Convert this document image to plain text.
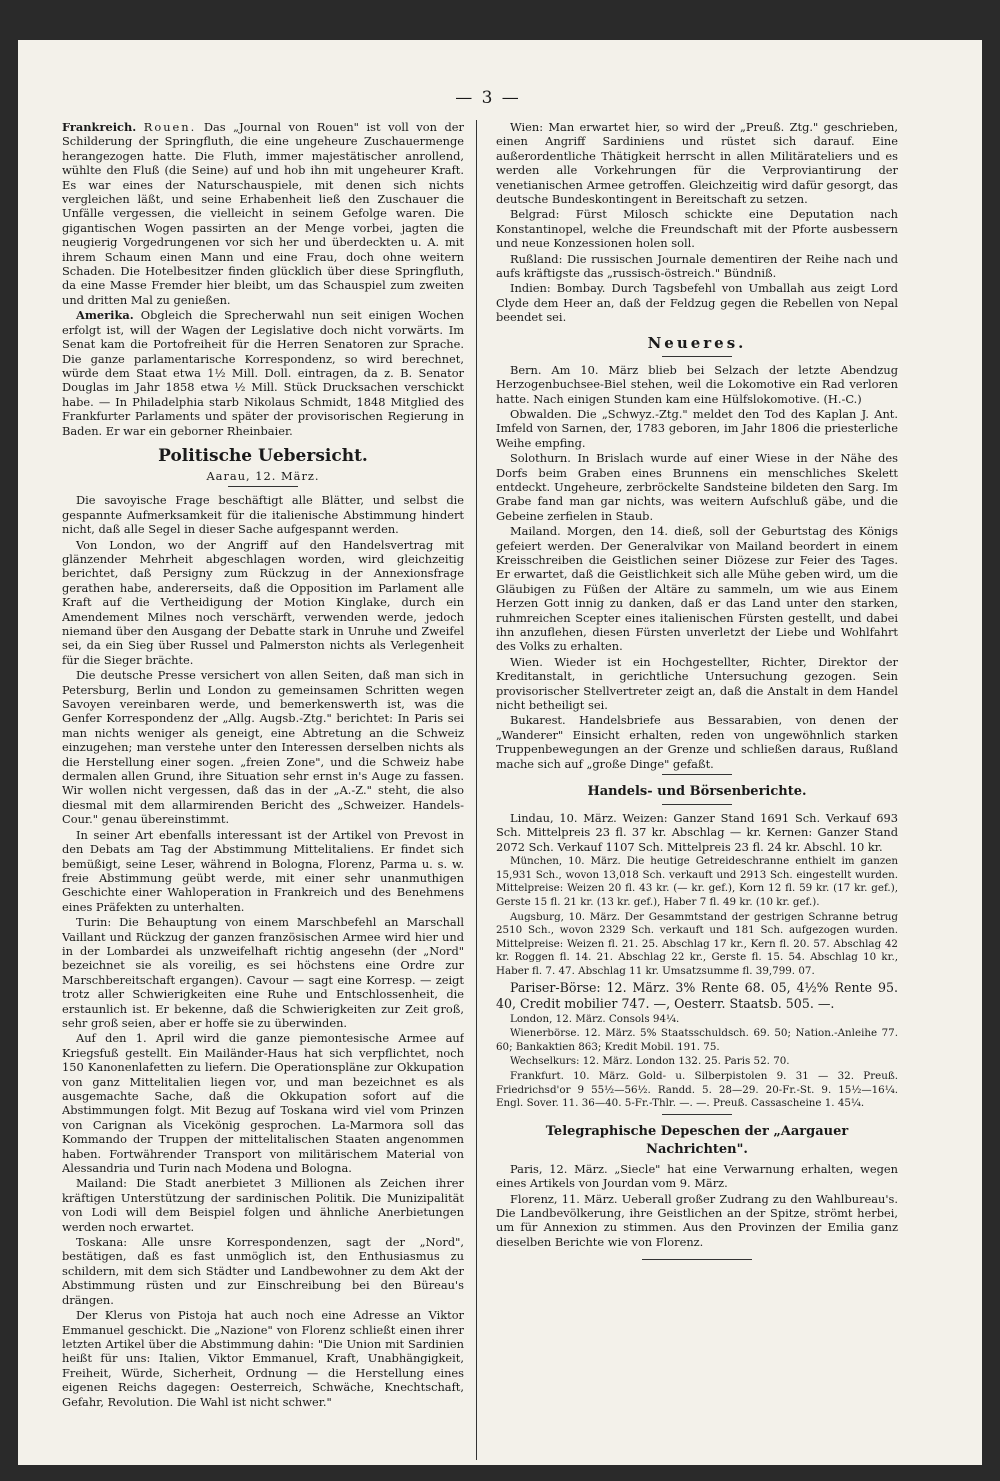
— 3 —

Frankreich. Rouen. Das „Journal von Rouen" ist voll von der Schilderung der Springfluth, die eine ungeheure Zuschauermenge herangezogen hatte. Die Fluth, immer majestätischer anrollend, wühlte den Fluß (die Seine) auf und hob ihn mit ungeheurer Kraft. Es war eines der Naturschauspiele, mit denen sich nichts vergleichen läßt, und seine Erhabenheit ließ den Zuschauer die Unfälle vergessen, die vielleicht in seinem Gefolge waren. Die gigantischen Wogen passirten an der Menge vorbei, jagten die neugierig Vorgedrungenen vor sich her und überdeckten u. A. mit ihrem Schaum einen Mann und eine Frau, doch ohne weitern Schaden. Die Hotelbesitzer finden glücklich über diese Springfluth, da eine Masse Fremder hier bleibt, um das Schauspiel zum zweiten und dritten Mal zu genießen.

Amerika. Obgleich die Sprecherwahl nun seit einigen Wochen erfolgt ist, will der Wagen der Legislative doch nicht vorwärts. Im Senat kam die Portofreiheit für die Herren Senatoren zur Sprache. Die ganze parlamentarische Korrespondenz, so wird berechnet, würde dem Staat etwa 1½ Mill. Doll. eintragen, da z. B. Senator Douglas im Jahr 1858 etwa ½ Mill. Stück Drucksachen verschickt habe. — In Philadelphia starb Nikolaus Schmidt, 1848 Mitglied des Frankfurter Parlaments und später der provisorischen Regierung in Baden. Er war ein geborner Rheinbaier.

Politische Uebersicht.
Aarau, 12. März.

Die savoyische Frage beschäftigt alle Blätter, und selbst die gespannte Aufmerksamkeit für die italienische Abstimmung hindert nicht, daß alle Segel in dieser Sache aufgespannt werden.

Von London, wo der Angriff auf den Handelsvertrag mit glänzender Mehrheit abgeschlagen worden, wird gleichzeitig berichtet, daß Persigny zum Rückzug in der Annexionsfrage gerathen habe, andererseits, daß die Opposition im Parlament alle Kraft auf die Vertheidigung der Motion Kinglake, durch ein Amendement Milnes noch verschärft, verwenden werde, jedoch niemand über den Ausgang der Debatte stark in Unruhe und Zweifel sei, da ein Sieg über Russel und Palmerston nichts als Verlegenheit für die Sieger brächte.

Die deutsche Presse versichert von allen Seiten, daß man sich in Petersburg, Berlin und London zu gemeinsamen Schritten wegen Savoyen vereinbaren werde, und bemerkenswerth ist, was die Genfer Korrespondenz der „Allg. Augsb.-Ztg." berichtet: In Paris sei man nichts weniger als geneigt, eine Abtretung an die Schweiz einzugehen; man verstehe unter den Interessen derselben nichts als die Herstellung einer sogen. „freien Zone", und die Schweiz habe dermalen allen Grund, ihre Situation sehr ernst in's Auge zu fassen. Wir wollen nicht vergessen, daß das in der „A.-Z." steht, die also diesmal mit dem allarmirenden Bericht des „Schweizer. Handels-Cour." genau übereinstimmt.

In seiner Art ebenfalls interessant ist der Artikel von Prevost in den Debats am Tag der Abstimmung Mittelitaliens. Er findet sich bemüßigt, seine Leser, während in Bologna, Florenz, Parma u. s. w. freie Abstimmung geübt werde, mit einer sehr unanmuthigen Geschichte einer Wahloperation in Frankreich und des Benehmens eines Präfekten zu unterhalten.

Turin: Die Behauptung von einem Marschbefehl an Marschall Vaillant und Rückzug der ganzen französischen Armee wird hier und in der Lombardei als unzweifelhaft richtig angesehn (der „Nord" bezeichnet sie als voreilig, es sei höchstens eine Ordre zur Marschbereitschaft ergangen). Cavour — sagt eine Korresp. — zeigt trotz aller Schwierigkeiten eine Ruhe und Entschlossenheit, die erstaunlich ist. Er bekenne, daß die Schwierigkeiten zur Zeit groß, sehr groß seien, aber er hoffe sie zu überwinden.

Auf den 1. April wird die ganze piemontesische Armee auf Kriegsfuß gestellt. Ein Mailänder-Haus hat sich verpflichtet, noch 150 Kanonenlafetten zu liefern. Die Operationspläne zur Okkupation von ganz Mittelitalien liegen vor, und man bezeichnet es als ausgemachte Sache, daß die Okkupation sofort auf die Abstimmungen folgt. Mit Bezug auf Toskana wird viel vom Prinzen von Carignan als Vicekönig gesprochen. La-Marmora soll das Kommando der Truppen der mittelitalischen Staaten angenommen haben. Fortwährender Transport von militärischem Material von Alessandria und Turin nach Modena und Bologna.

Mailand: Die Stadt anerbietet 3 Millionen als Zeichen ihrer kräftigen Unterstützung der sardinischen Politik. Die Munizipalität von Lodi will dem Beispiel folgen und ähnliche Anerbietungen werden noch erwartet.

Toskana: Alle unsre Korrespondenzen, sagt der „Nord", bestätigen, daß es fast unmöglich ist, den Enthusiasmus zu schildern, mit dem sich Städter und Landbewohner zu dem Akt der Abstimmung rüsten und zur Einschreibung bei den Büreau's drängen.

Der Klerus von Pistoja hat auch noch eine Adresse an Viktor Emmanuel geschickt. Die „Nazione" von Florenz schließt einen ihrer letzten Artikel über die Abstimmung dahin: "Die Union mit Sardinien heißt für uns: Italien, Viktor Emmanuel, Kraft, Unabhängigkeit, Freiheit, Würde, Sicherheit, Ordnung — die Herstellung eines eigenen Reichs dagegen: Oesterreich, Schwäche, Knechtschaft, Gefahr, Revolution. Die Wahl ist nicht schwer."

Wien: Man erwartet hier, so wird der „Preuß. Ztg." geschrieben, einen Angriff Sardiniens und rüstet sich darauf. Eine außerordentliche Thätigkeit herrscht in allen Militärateliers und es werden alle Vorkehrungen für die Verproviantirung der venetianischen Armee getroffen. Gleichzeitig wird dafür gesorgt, das deutsche Bundeskontingent in Bereitschaft zu setzen.

Belgrad: Fürst Milosch schickte eine Deputation nach Konstantinopel, welche die Freundschaft mit der Pforte ausbessern und neue Konzessionen holen soll.

Rußland: Die russischen Journale dementiren der Reihe nach und aufs kräftigste das „russisch-östreich." Bündniß.

Indien: Bombay. Durch Tagsbefehl von Umballah aus zeigt Lord Clyde dem Heer an, daß der Feldzug gegen die Rebellen von Nepal beendet sei.

Neueres.

Bern. Am 10. März blieb bei Selzach der letzte Abendzug Herzogenbuchsee-Biel stehen, weil die Lokomotive ein Rad verloren hatte. Nach einigen Stunden kam eine Hülfslokomotive. (H.-C.)

Obwalden. Die „Schwyz.-Ztg." meldet den Tod des Kaplan J. Ant. Imfeld von Sarnen, der, 1783 geboren, im Jahr 1806 die priesterliche Weihe empfing.

Solothurn. In Brislach wurde auf einer Wiese in der Nähe des Dorfs beim Graben eines Brunnens ein menschliches Skelett entdeckt. Ungeheure, zerbröckelte Sandsteine bildeten den Sarg. Im Grabe fand man gar nichts, was weitern Aufschluß gäbe, und die Gebeine zerfielen in Staub.

Mailand. Morgen, den 14. dieß, soll der Geburtstag des Königs gefeiert werden. Der Generalvikar von Mailand beordert in einem Kreisschreiben die Geistlichen seiner Diözese zur Feier des Tages. Er erwartet, daß die Geistlichkeit sich alle Mühe geben wird, um die Gläubigen zu Füßen der Altäre zu sammeln, um wie aus Einem Herzen Gott innig zu danken, daß er das Land unter den starken, ruhmreichen Scepter eines italienischen Fürsten gestellt, und dabei ihn anzuflehen, diesen Fürsten unverletzt der Liebe und Wohlfahrt des Volks zu erhalten.

Wien. Wieder ist ein Hochgestellter, Richter, Direktor der Kreditanstalt, in gerichtliche Untersuchung gezogen. Sein provisorischer Stellvertreter zeigt an, daß die Anstalt in dem Handel nicht betheiligt sei.

Bukarest. Handelsbriefe aus Bessarabien, von denen der „Wanderer" Einsicht erhalten, reden von ungewöhnlich starken Truppenbewegungen an der Grenze und schließen daraus, Rußland mache sich auf „große Dinge" gefaßt.

Handels- und Börsenberichte.

Lindau, 10. März. Weizen: Ganzer Stand 1691 Sch. Verkauf 693 Sch. Mittelpreis 23 fl. 37 kr. Abschlag — kr. Kernen: Ganzer Stand 2072 Sch. Verkauf 1107 Sch. Mittelpreis 23 fl. 24 kr. Abschl. 10 kr.

München, 10. März. Die heutige Getreideschranne enthielt im ganzen 15,931 Sch., wovon 13,018 Sch. verkauft und 2913 Sch. eingestellt wurden. Mittelpreise: Weizen 20 fl. 43 kr. (— kr. gef.), Korn 12 fl. 59 kr. (17 kr. gef.), Gerste 15 fl. 21 kr. (13 kr. gef.), Haber 7 fl. 49 kr. (10 kr. gef.).

Augsburg, 10. März. Der Gesammtstand der gestrigen Schranne betrug 2510 Sch., wovon 2329 Sch. verkauft und 181 Sch. aufgezogen wurden. Mittelpreise: Weizen fl. 21. 25. Abschlag 17 kr., Kern fl. 20. 57. Abschlag 42 kr. Roggen fl. 14. 21. Abschlag 22 kr., Gerste fl. 15. 54. Abschlag 10 kr., Haber fl. 7. 47. Abschlag 11 kr. Umsatzsumme fl. 39,799. 07.

Pariser-Börse: 12. März. 3% Rente 68. 05, 4½% Rente 95. 40, Credit mobilier 747. —, Oesterr. Staatsb. 505. —.

London, 12. März. Consols 94¼.

Wienerbörse. 12. März. 5% Staatsschuldsch. 69. 50; Nation.-Anleihe 77. 60; Bankaktien 863; Kredit Mobil. 191. 75.

Wechselkurs: 12. März. London 132. 25. Paris 52. 70.

Frankfurt. 10. März. Gold- u. Silberpistolen 9. 31 — 32. Preuß. Friedrichsd'or 9 55½—56½. Randd. 5. 28—29. 20-Fr.-St. 9. 15½—16¼. Engl. Sover. 11. 36—40. 5-Fr.-Thlr. —. —. Preuß. Cassascheine 1. 45¼.

Telegraphische Depeschen der „Aargauer Nachrichten".

Paris, 12. März. „Siecle" hat eine Verwarnung erhalten, wegen eines Artikels von Jourdan vom 9. März.

Florenz, 11. März. Ueberall großer Zudrang zu den Wahlbureau's. Die Landbevölkerung, ihre Geistlichen an der Spitze, strömt herbei, um für Annexion zu stimmen. Aus den Provinzen der Emilia ganz dieselben Berichte wie von Florenz.
